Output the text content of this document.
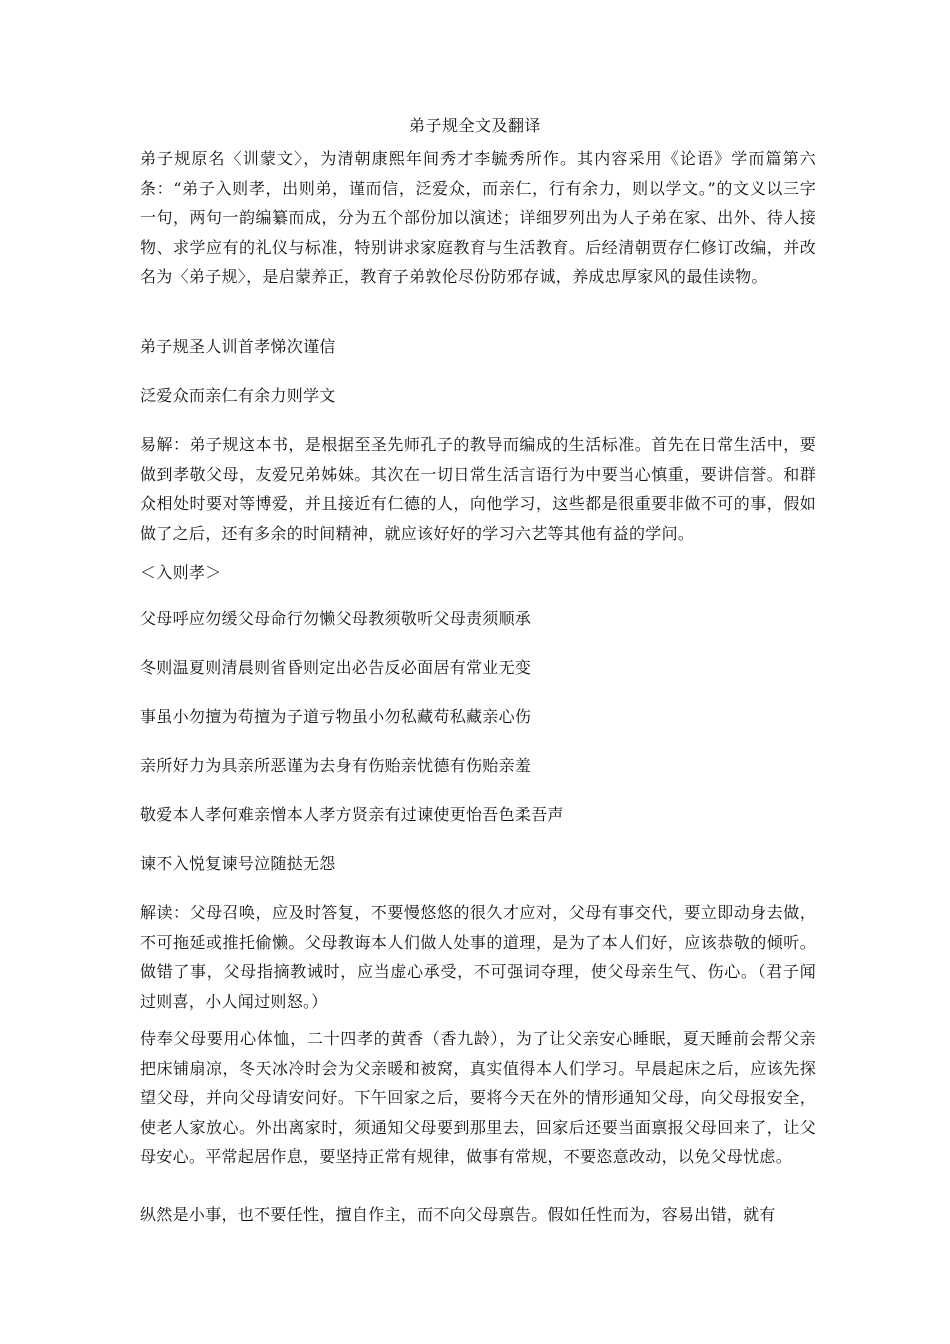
弟子规全文及翻译

弟子规原名〈训蒙文〉，为清朝康熙年间秀才李毓秀所作。其内容采用《论语》学而篇第六条：“弟子入则孝，出则弟，谨而信，泛爱众，而亲仁，行有余力，则以学文。”的文义以三字一句，两句一韵编纂而成，分为五个部份加以演述；详细罗列出为人子弟在家、出外、待人接物、求学应有的礼仪与标准，特别讲求家庭教育与生活教育。后经清朝贾存仁修订改编，并改名为〈弟子规〉，是启蒙养正，教育子弟敦伦尽份防邪存诚，养成忠厚家风的最佳读物。

弟子规圣人训首孝悌次谨信

泛爱众而亲仁有余力则学文

易解：弟子规这本书，是根据至圣先师孔子的教导而编成的生活标准。首先在日常生活中，要做到孝敬父母，友爱兄弟姊妹。其次在一切日常生活言语行为中要当心慎重，要讲信誉。和群众相处时要对等博爱，并且接近有仁德的人，向他学习，这些都是很重要非做不可的事，假如做了之后，还有多余的时间精神，就应该好好的学习六艺等其他有益的学问。

＜入则孝＞

父母呼应勿缓父母命行勿懒父母教须敬听父母责须顺承

冬则温夏则清晨则省昏则定出必告反必面居有常业无变

事虽小勿擅为苟擅为子道亏物虽小勿私藏苟私藏亲心伤

亲所好力为具亲所恶谨为去身有伤贻亲忧德有伤贻亲羞

敬爱本人孝何难亲憎本人孝方贤亲有过谏使更怡吾色柔吾声

谏不入悦复谏号泣随挞无怨

解读：父母召唤，应及时答复，不要慢悠悠的很久才应对，父母有事交代，要立即动身去做，不可拖延或推托偷懒。父母教诲本人们做人处事的道理，是为了本人们好，应该恭敬的倾听。做错了事，父母指摘教诫时，应当虚心承受，不可强词夺理，使父母亲生气、伤心。（君子闻过则喜，小人闻过则怒。）

侍奉父母要用心体恤，二十四孝的黄香（香九龄），为了让父亲安心睡眠，夏天睡前会帮父亲把床铺扇凉，冬天冰冷时会为父亲暖和被窝，真实值得本人们学习。早晨起床之后，应该先探望父母，并向父母请安问好。下午回家之后，要将今天在外的情形通知父母，向父母报安全，使老人家放心。外出离家时，须通知父母要到那里去，回家后还要当面禀报父母回来了，让父母安心。平常起居作息，要坚持正常有规律，做事有常规，不要恣意改动，以免父母忧虑。

纵然是小事，也不要任性，擅自作主，而不向父母禀告。假如任性而为，容易出错，就有
